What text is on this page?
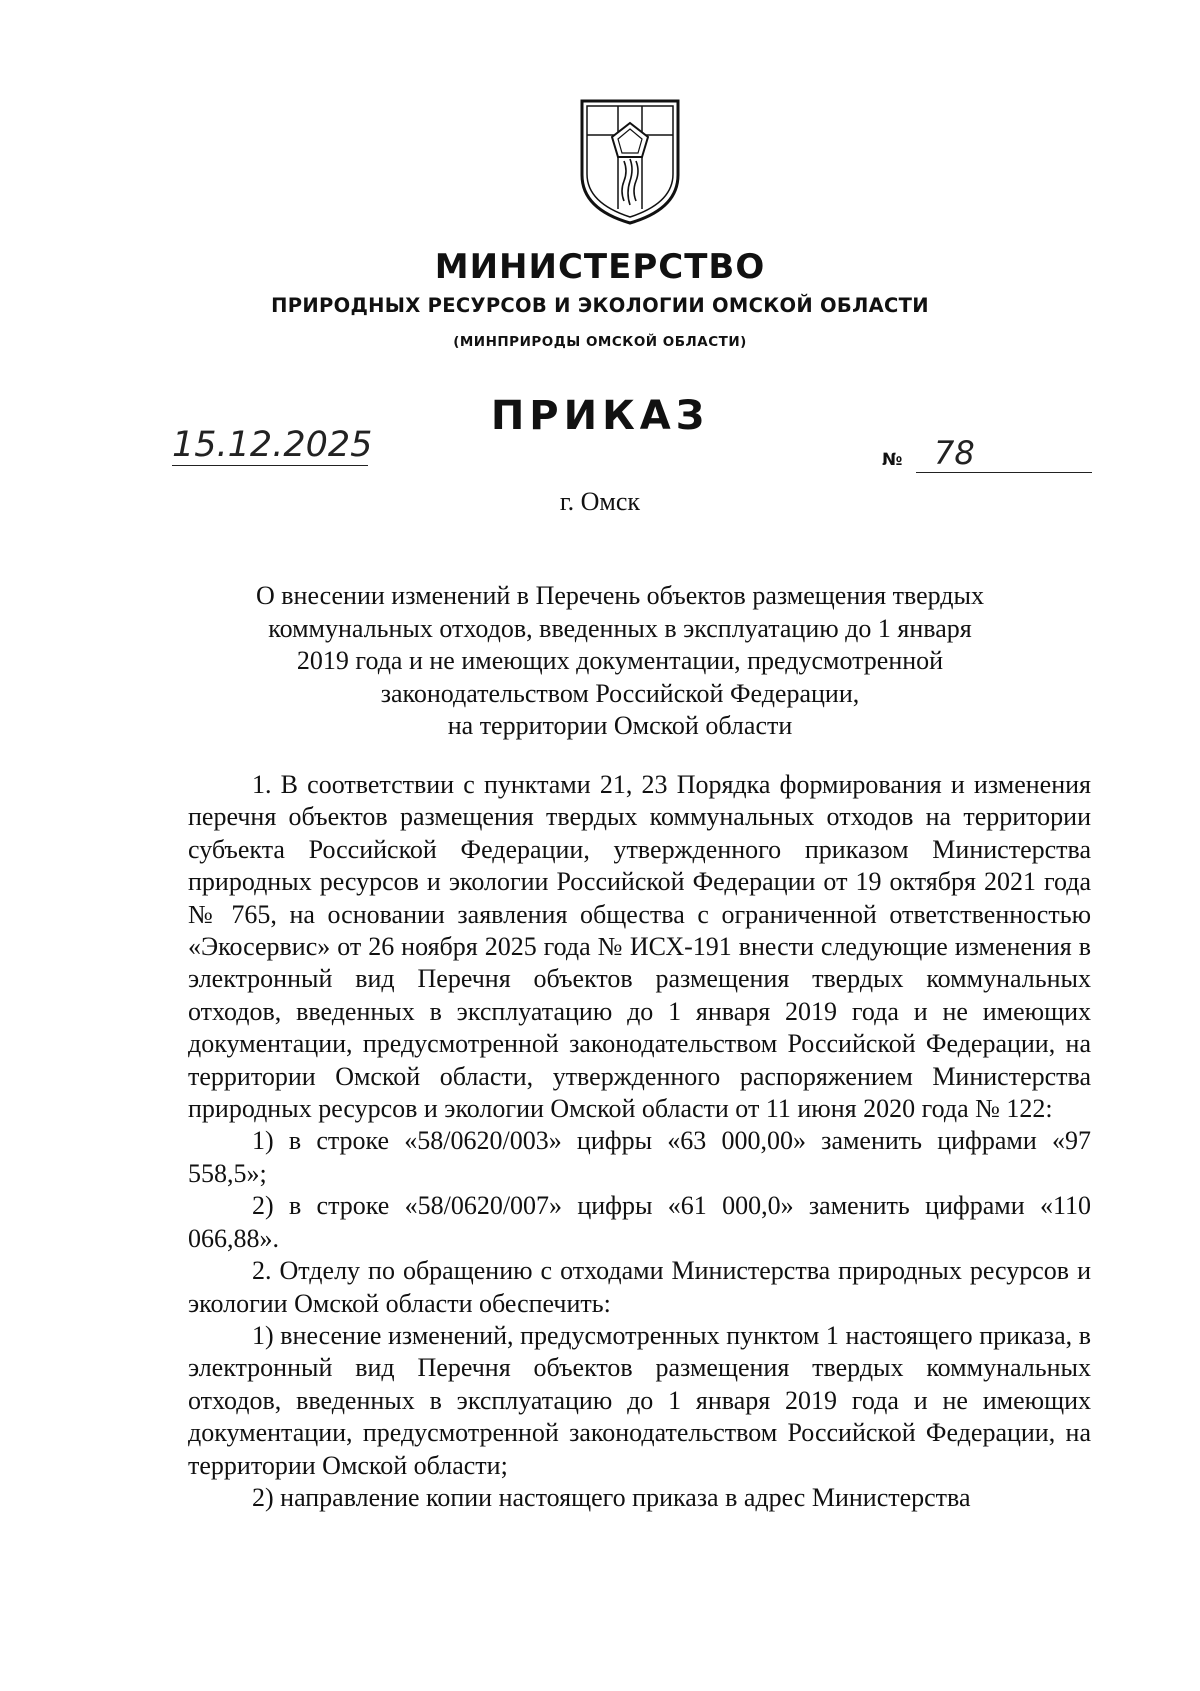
МИНИСТЕРСТВО
ПРИРОДНЫХ РЕСУРСОВ И ЭКОЛОГИИ ОМСКОЙ ОБЛАСТИ
(МИНПРИРОДЫ ОМСКОЙ ОБЛАСТИ)
ПРИКАЗ
15.12.2025	№ 78
г. Омск
О внесении изменений в Перечень объектов размещения твердых
коммунальных отходов, введенных в эксплуатацию до 1 января
2019 года и не имеющих документации, предусмотренной
законодательством Российской Федерации,
на территории Омской области

1. В соответствии с пунктами 21, 23 Порядка формирования и изменения перечня объектов размещения твердых коммунальных отходов на территории субъекта Российской Федерации, утвержденного приказом Министерства природных ресурсов и экологии Российской Федерации от 19 октября 2021 года № 765, на основании заявления общества с ограниченной ответственностью «Экосервис» от 26 ноября 2025 года № ИСХ-191 внести следующие изменения в электронный вид Перечня объектов размещения твердых коммунальных отходов, введенных в эксплуатацию до 1 января 2019 года и не имеющих документации, предусмотренной законодательством Российской Федерации, на территории Омской области, утвержденного распоряжением Министерства природных ресурсов и экологии Омской области от 11 июня 2020 года № 122:

1) в строке «58/0620/003» цифры «63 000,00» заменить цифрами «97 558,5»;

2) в строке «58/0620/007» цифры «61 000,0» заменить цифрами «110 066,88».

2. Отделу по обращению с отходами Министерства природных ресурсов и экологии Омской области обеспечить:

1) внесение изменений, предусмотренных пунктом 1 настоящего приказа, в электронный вид Перечня объектов размещения твердых коммунальных отходов, введенных в эксплуатацию до 1 января 2019 года и не имеющих документации, предусмотренной законодательством Российской Федерации, на территории Омской области;

2) направление копии настоящего приказа в адрес Министерства
